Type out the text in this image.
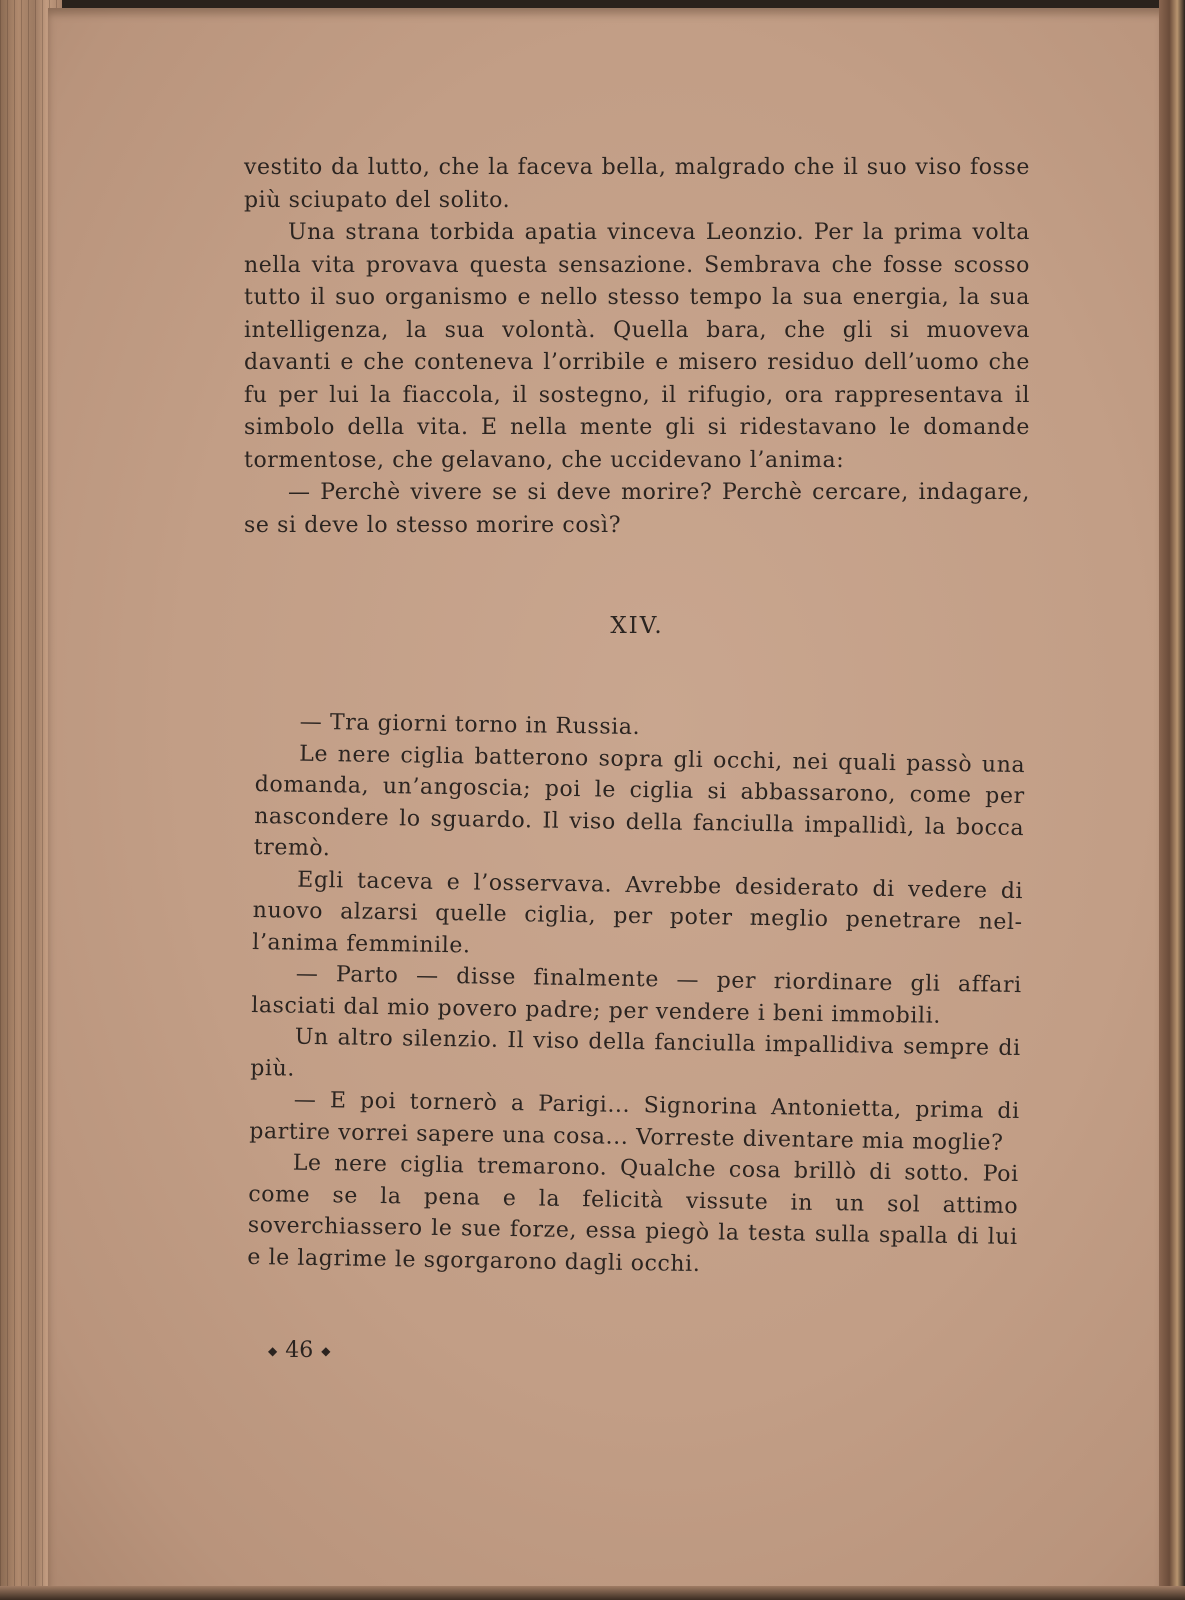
vestito da lutto, che la faceva bella, malgrado che il suo viso fosse più sciupato del solito.

Una strana torbida apatia vinceva Leonzio. Per la prima volta nella vita provava questa sensazione. Sembrava che fosse scosso tutto il suo organismo e nello stesso tempo la sua energia, la sua intelligenza, la sua volontà. Quella bara, che gli si muoveva davanti e che conteneva l’orribile e misero residuo dell’uomo che fu per lui la fiaccola, il sostegno, il rifugio, ora rappresentava il simbolo della vita. E nella mente gli si ridestavano le domande tormentose, che gelavano, che uccidevano l’anima:

— Perchè vivere se si deve morire? Perchè cercare, indagare, se si deve lo stesso morire così?

XIV.

— Tra giorni torno in Russia.

Le nere ciglia batterono sopra gli occhi, nei quali passò una domanda, un’angoscia; poi le ciglia si abbassarono, come per nascondere lo sguardo. Il viso della fanciulla impallidì, la bocca tremò.

Egli taceva e l’osservava. Avrebbe desiderato di vedere di nuovo alzarsi quelle ciglia, per poter meglio penetrare nel-l’anima femminile.

— Parto — disse finalmente — per riordinare gli affari lasciati dal mio povero padre; per vendere i beni immobili.

Un altro silenzio. Il viso della fanciulla impallidiva sempre di più.

— E poi tornerò a Parigi... Signorina Antonietta, prima di partire vorrei sapere una cosa... Vorreste diventare mia moglie?

Le nere ciglia tremarono. Qualche cosa brillò di sotto. Poi come se la pena e la felicità vissute in un sol attimo soverchiassero le sue forze, essa piegò la testa sulla spalla di lui e le lagrime le sgorgarono dagli occhi.

◆ 46 ◆
